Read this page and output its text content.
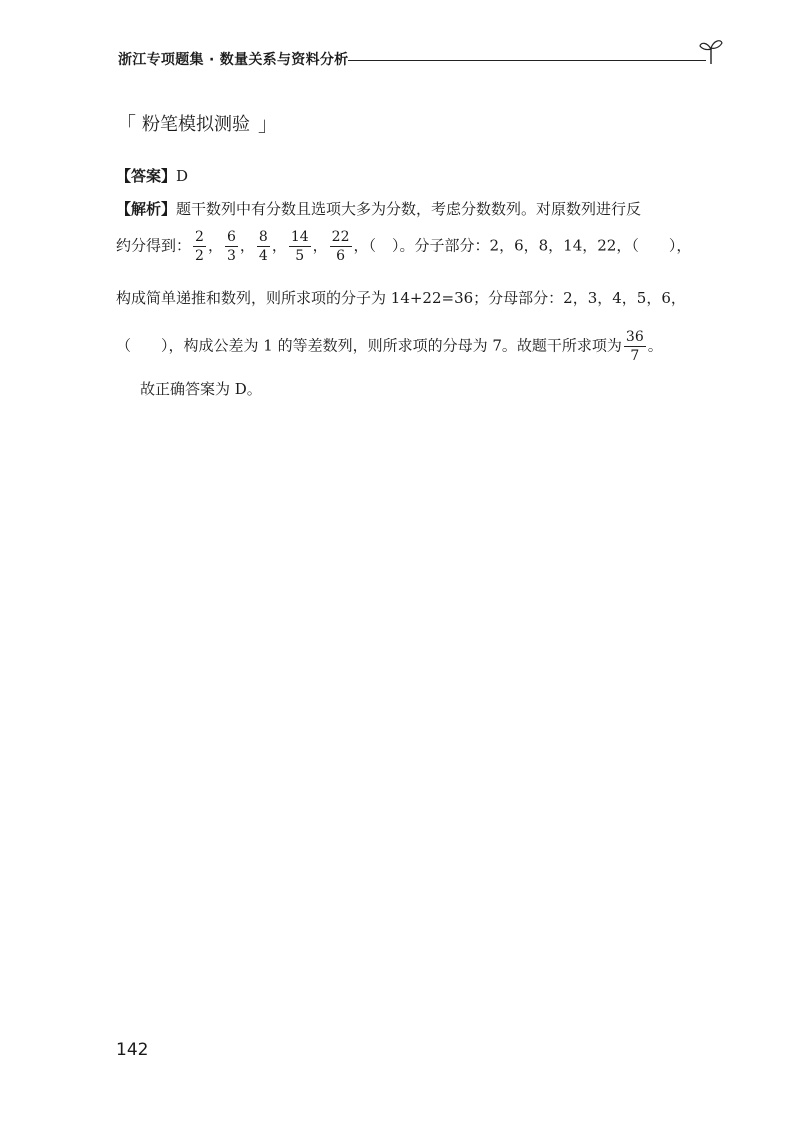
浙江专项题集 · 数量关系与资料分析
「 粉笔模拟测验 」
【答案】D
【解析】题干数列中有分数且选项大多为分数，考虑分数数列。对原数列进行反
约分得到： $\frac{2}{2}$ ， $\frac{6}{3}$ ， $\frac{8}{4}$ ， $\frac{14}{5}$ ， $\frac{22}{6}$ ，（ ）。分子部分：2，6，8，14，22，（　　），
构成简单递推和数列，则所求项的分子为 14+22=36；分母部分：2，3，4，5，6，
（　　），构成公差为 1 的等差数列，则所求项的分母为 7。故题干所求项为 $\frac{36}{7}$ 。
故正确答案为 D。
142
